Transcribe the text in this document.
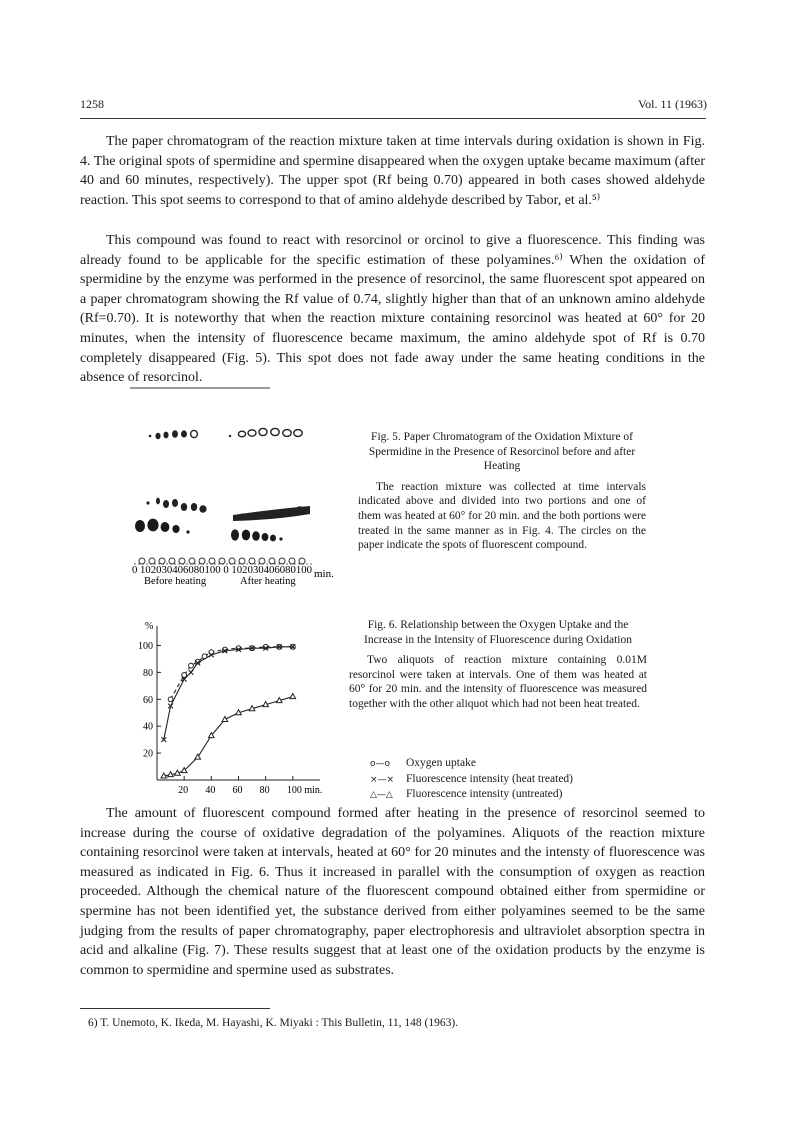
1258	Vol. 11 (1963)

The paper chromatogram of the reaction mixture taken at time intervals during oxidation is shown in Fig. 4. The original spots of spermidine and spermine disappeared when the oxygen uptake became maximum (after 40 and 60 minutes, respectively). The upper spot (Rf being 0.70) appeared in both cases showed aldehyde reaction. This spot seems to correspond to that of amino aldehyde described by Tabor, et al.⁵⁾

This compound was found to react with resorcinol or orcinol to give a fluorescence. This finding was already found to be applicable for the specific estimation of these polyamines.⁶⁾ When the oxidation of spermidine by the enzyme was performed in the presence of resorcinol, the same fluorescent spot appeared on a paper chromatogram showing the Rf value of 0.74, slightly higher than that of an unknown amino aldehyde (Rf=0.70). It is noteworthy that when the reaction mixture containing resorcinol was heated at 60° for 20 minutes, when the intensity of fluorescence became maximum, the amino aldehyde spot of Rf is 0.70 completely disappeared (Fig. 5). This spot does not fade away under the same heating conditions in the absence of resorcinol.

0 102030406080100 0 102030406080100 min.
Before heating	After heating
Fig. 5. Paper Chromatogram of the Oxidation Mixture of Spermidine in the Presence of Resorcinol before and after Heating
The reaction mixture was collected at time intervals indicated above and divided into two portions and one of them was heated at 60° for 20 min. and the both portions were treated in the same manner as in Fig. 4. The circles on the paper indicate the spots of fluorescent compound.
%
20
40
60
80
100
20 40 60 80 100 min.
Fig. 6. Relationship between the Oxygen Uptake and the Increase in the Intensity of Fluorescence during Oxidation
Two aliquots of reaction mixture containing 0.01M resorcinol were taken at intervals. One of them was heated at 60° for 20 min. and the intensity of fluorescence was measured together with the other aliquot which had not been heat treated.
o—o Oxygen uptake
×—× Fluorescence intensity (heat treated)
△—△ Fluorescence intensity (untreated)

The amount of fluorescent compound formed after heating in the presence of resorcinol seemed to increase during the course of oxidative degradation of the polyamines. Aliquots of the reaction mixture containing resorcinol were taken at intervals, heated at 60° for 20 minutes and the intensty of fluorescence was measured as indicated in Fig. 6. Thus it increased in parallel with the consumption of oxygen as reaction proceeded. Although the chemical nature of the fluorescent compound obtained either from spermidine or spermine has not been identified yet, the substance derived from either polyamines seemed to be the same judging from the results of paper chromatography, paper electrophoresis and ultraviolet absorption spectra in acid and alkaline (Fig. 7). These results suggest that at least one of the oxidation products by the enzyme is common to spermidine and spermine used as substrates.

6) T. Unemoto, K. Ikeda, M. Hayashi, K. Miyaki : This Bulletin, 11, 148 (1963).
